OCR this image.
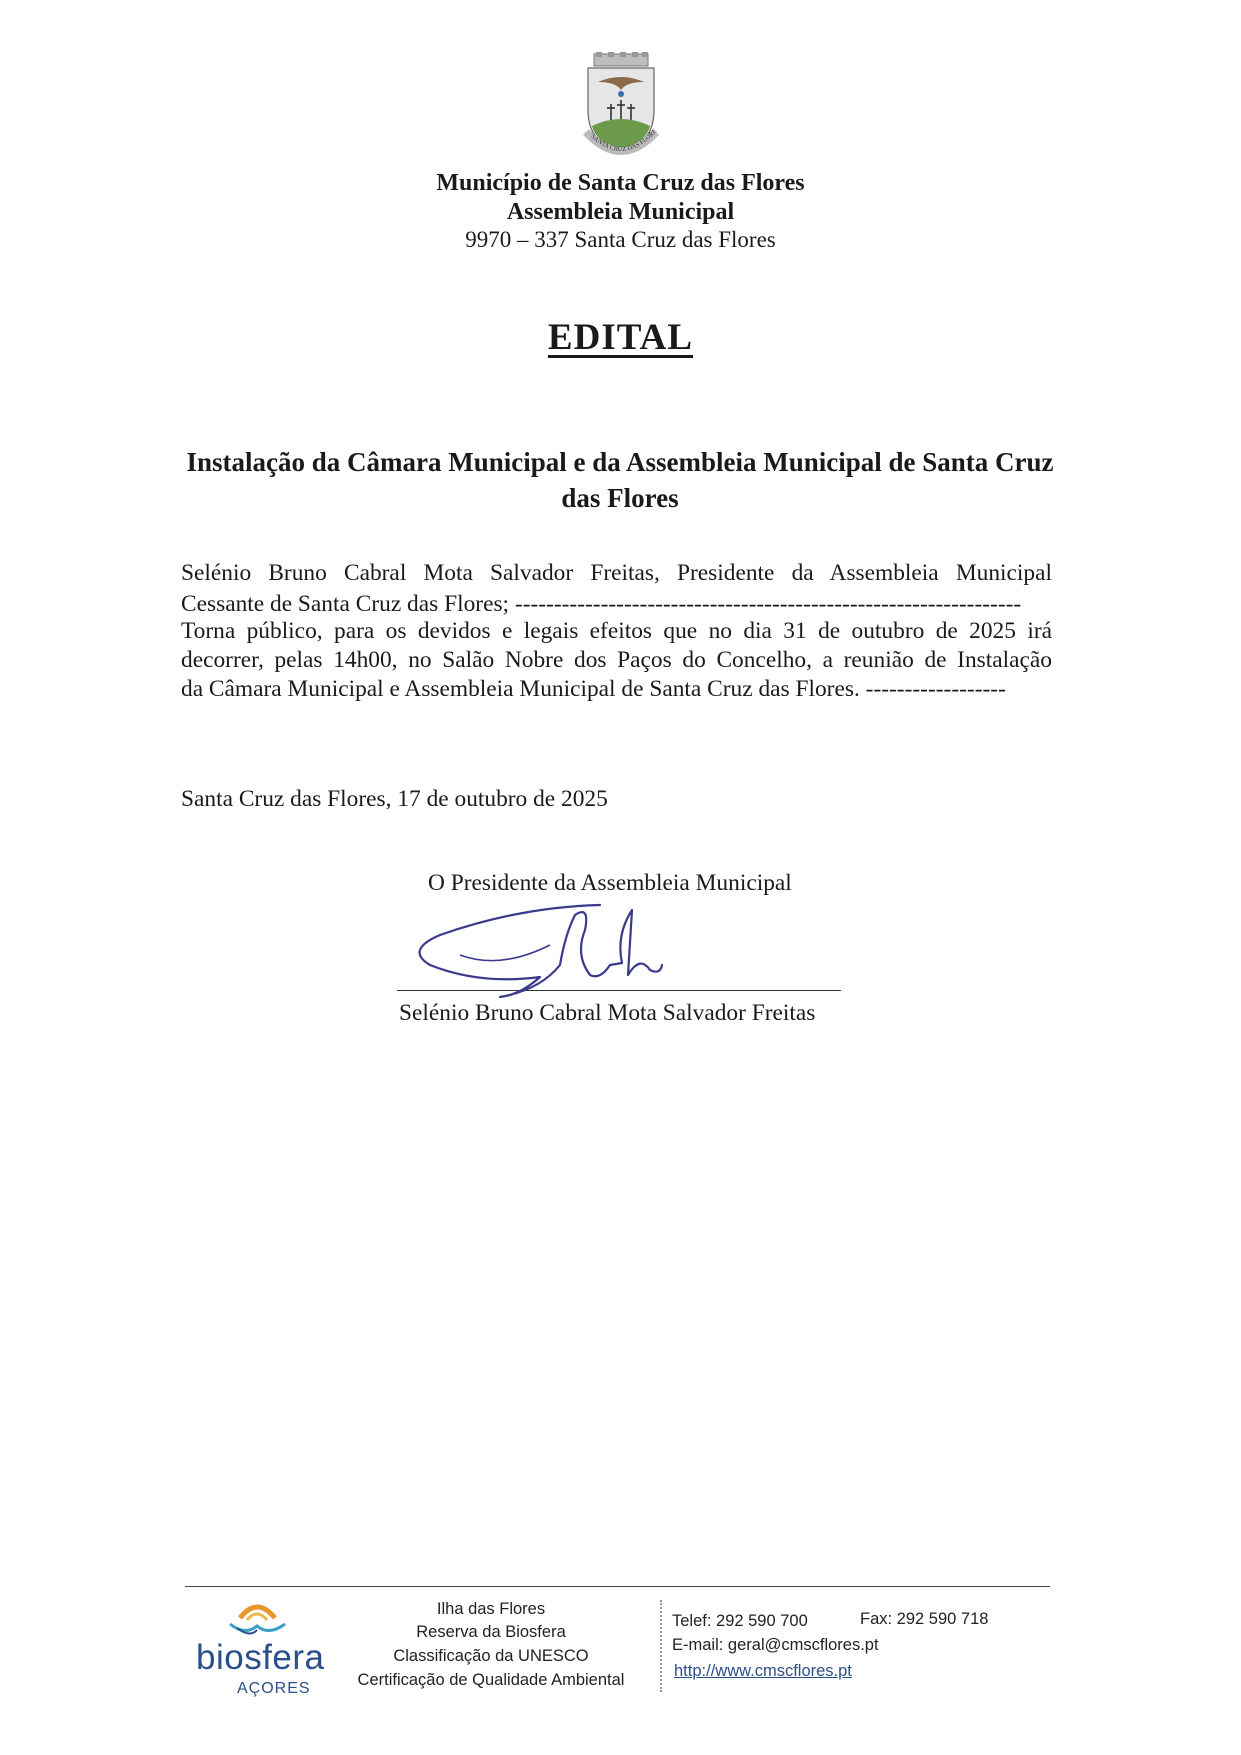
SANTA CRUZ DAS FLORE
Município de Santa Cruz das Flores
Assembleia Municipal
9970 – 337 Santa Cruz das Flores
EDITAL
Instalação da Câmara Municipal e da Assembleia Municipal de Santa Cruz das Flores
Selénio Bruno Cabral Mota Salvador Freitas, Presidente da Assembleia Municipal
Cessante de Santa Cruz das Flores; -----------------------------------------------------------------
Torna público, para os devidos e legais efeitos que no dia 31 de outubro de 2025 irá
decorrer, pelas 14h00, no Salão Nobre dos Paços do Concelho, a reunião de Instalação
da Câmara Municipal e Assembleia Municipal de Santa Cruz das Flores. ------------------
Santa Cruz das Flores, 17 de outubro de 2025
O Presidente da Assembleia Municipal
Selénio Bruno Cabral Mota Salvador Freitas
biosfera
AÇORES
Ilha das Flores
Reserva da Biosfera
Classificação da UNESCO
Certificação de Qualidade Ambiental
Telef: 292 590 700	Fax: 292 590 718
E-mail: geral@cmscflores.pt
http://www.cmscflores.pt
